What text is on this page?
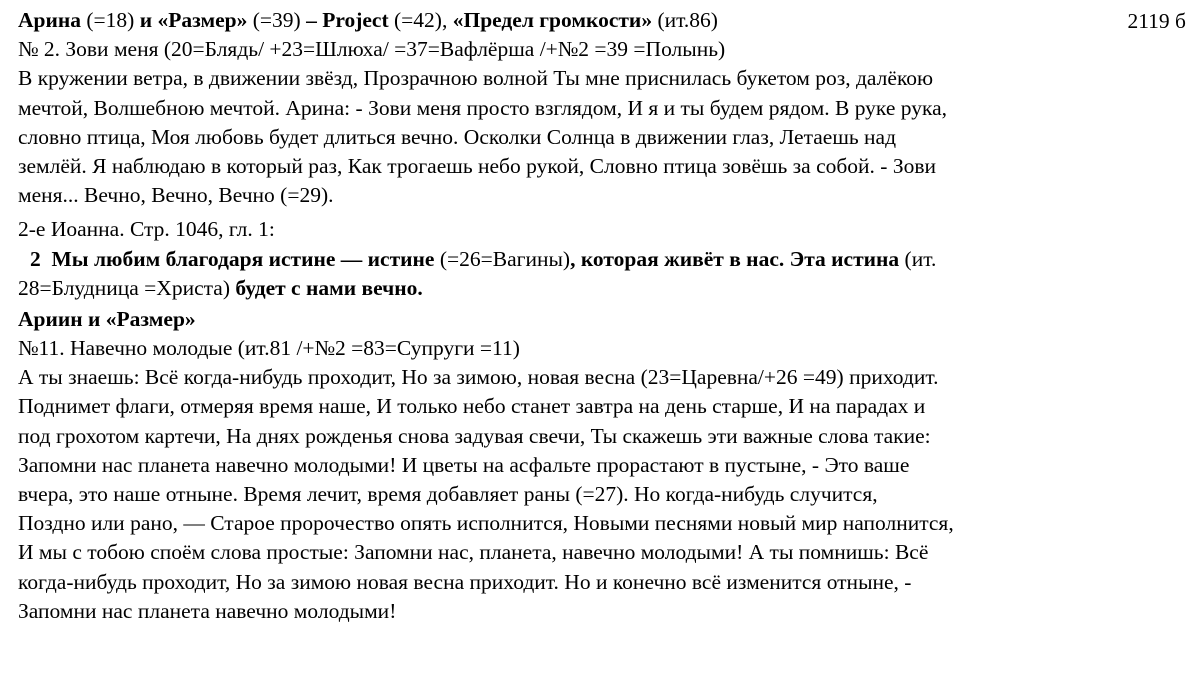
2119 б
Арина (=18) и «Размер» (=39) – Project (=42), «Предел громкости» (ит.86)
№ 2. Зови меня (20=Блядь/ +23=Шлюха/ =37=Вафлёрша /+№2 =39 =Полынь)
В кружении ветра, в движении звёзд, Прозрачною волной Ты мне приснилась букетом роз, далёкою
мечтой, Волшебною мечтой. Арина: - Зови меня просто взглядом, И я и ты будем рядом. В руке рука,
словно птица, Моя любовь будет длиться вечно. Осколки Солнца в движении глаз, Летаешь над
землёй. Я наблюдаю в который раз, Как трогаешь небо рукой, Словно птица зовёшь за собой. - Зови
меня... Вечно, Вечно, Вечно (=29).
2-е Иоанна. Стр. 1046, гл. 1:
2 Мы любим благодаря истине — истине (=26=Вагины), которая живёт в нас. Эта истина (ит.
28=Блудница =Христа) будет с нами вечно.
Ариин и «Размер»
№11. Навечно молодые (ит.81 /+№2 =83=Супруги =11)
А ты знаешь: Всё когда-нибудь проходит, Но за зимою, новая весна (23=Царевна/+26 =49) приходит.
Поднимет флаги, отмеряя время наше, И только небо станет завтра на день старше, И на парадах и
под грохотом картечи, На днях рожденья снова задувая свечи, Ты скажешь эти важные слова такие:
Запомни нас планета навечно молодыми! И цветы на асфальте прорастают в пустыне, - Это ваше
вчера, это наше отныне. Время лечит, время добавляет раны (=27). Но когда-нибудь случится,
Поздно или рано, — Старое пророчество опять исполнится, Новыми песнями новый мир наполнится,
И мы с тобою споём слова простые: Запомни нас, планета, навечно молодыми! А ты помнишь: Всё
когда-нибудь проходит, Но за зимою новая весна приходит. Но и конечно всё изменится отныне, -
Запомни нас планета навечно молодыми!
